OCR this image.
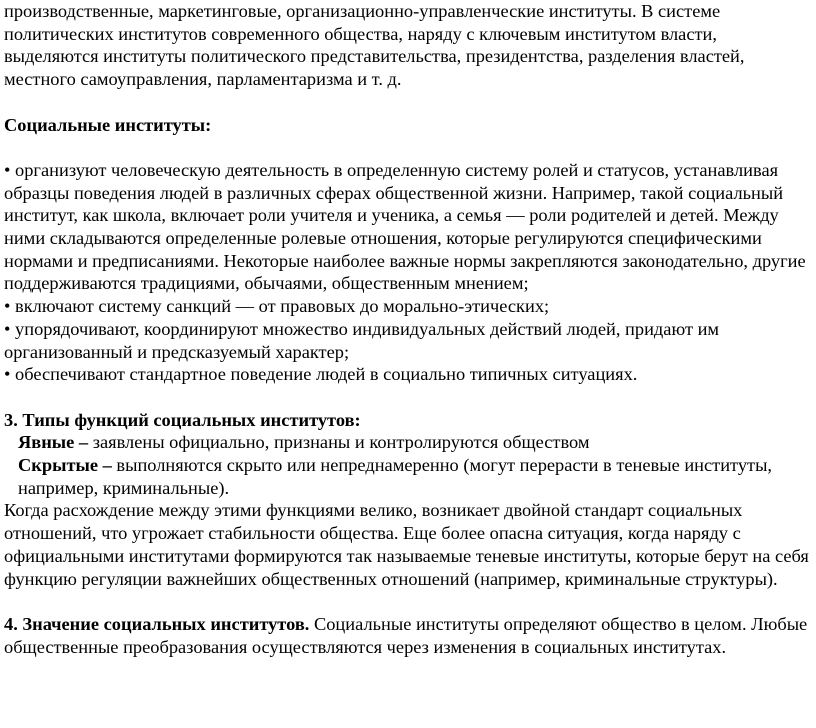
производственные, маркетинговые, организационно-управленческие институты. В системе политических институтов современного общества, наряду с ключевым институтом власти, выделяются институты политического представительства, президентства, разделения властей, местного самоуправления, парламентаризма и т. д.

Социальные институты:

• организуют человеческую деятельность в определенную систему ролей и статусов, устанавливая образцы поведения людей в различных сферах общественной жизни. Например, такой социальный институт, как школа, включает роли учителя и ученика, а семья — роли родителей и детей. Между ними складываются определенные ролевые отношения, которые регулируются специфическими нормами и предписаниями. Некоторые наиболее важные нормы закрепляются законодательно, другие поддерживаются традициями, обычаями, общественным мнением;

• включают систему санкций — от правовых до морально-этических;

• упорядочивают, координируют множество индивидуальных действий людей, придают им организованный и предсказуемый характер;

• обеспечивают стандартное поведение людей в социально типичных ситуациях.

3. Типы функций социальных институтов:

Явные – заявлены официально, признаны и контролируются обществом

Скрытые – выполняются скрыто или непреднамеренно (могут перерасти в теневые институты, например, криминальные).

Когда расхождение между этими функциями велико, возникает двойной стандарт социальных отношений, что угрожает стабильности общества. Еще более опасна ситуация, когда наряду с официальными институтами формируются так называемые теневые институты, которые берут на себя функцию регуляции важнейших общественных отношений (например, криминальные структуры).

4. Значение социальных институтов. Социальные институты определяют общество в целом. Любые общественные преобразования осуществляются через изменения в социальных институтах.
